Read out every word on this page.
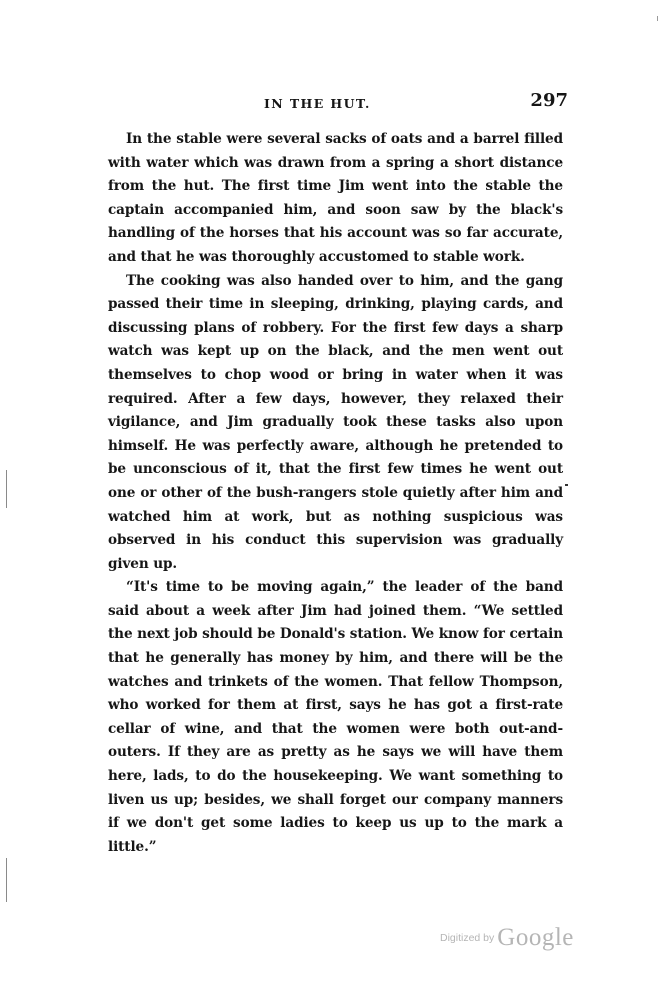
IN THE HUT.	297

In the stable were several sacks of oats and a barrel filled with water which was drawn from a spring a short distance from the hut. The first time Jim went into the stable the captain accompanied him, and soon saw by the black's handling of the horses that his account was so far accurate, and that he was thoroughly accustomed to stable work.

The cooking was also handed over to him, and the gang passed their time in sleeping, drinking, playing cards, and discussing plans of robbery. For the first few days a sharp watch was kept up on the black, and the men went out themselves to chop wood or bring in water when it was required. After a few days, however, they relaxed their vigilance, and Jim gradually took these tasks also upon himself. He was perfectly aware, although he pretended to be unconscious of it, that the first few times he went out one or other of the bush-rangers stole quietly after him and watched him at work, but as nothing suspicious was observed in his conduct this supervision was gradually given up.

“It's time to be moving again,” the leader of the band said about a week after Jim had joined them. “We settled the next job should be Donald's station. We know for certain that he generally has money by him, and there will be the watches and trinkets of the women. That fellow Thompson, who worked for them at first, says he has got a first-rate cellar of wine, and that the women were both out-and-outers. If they are as pretty as he says we will have them here, lads, to do the housekeeping. We want something to liven us up; besides, we shall forget our company manners if we don't get some ladies to keep us up to the mark a little.”

$^{Digitized by}$ Google
